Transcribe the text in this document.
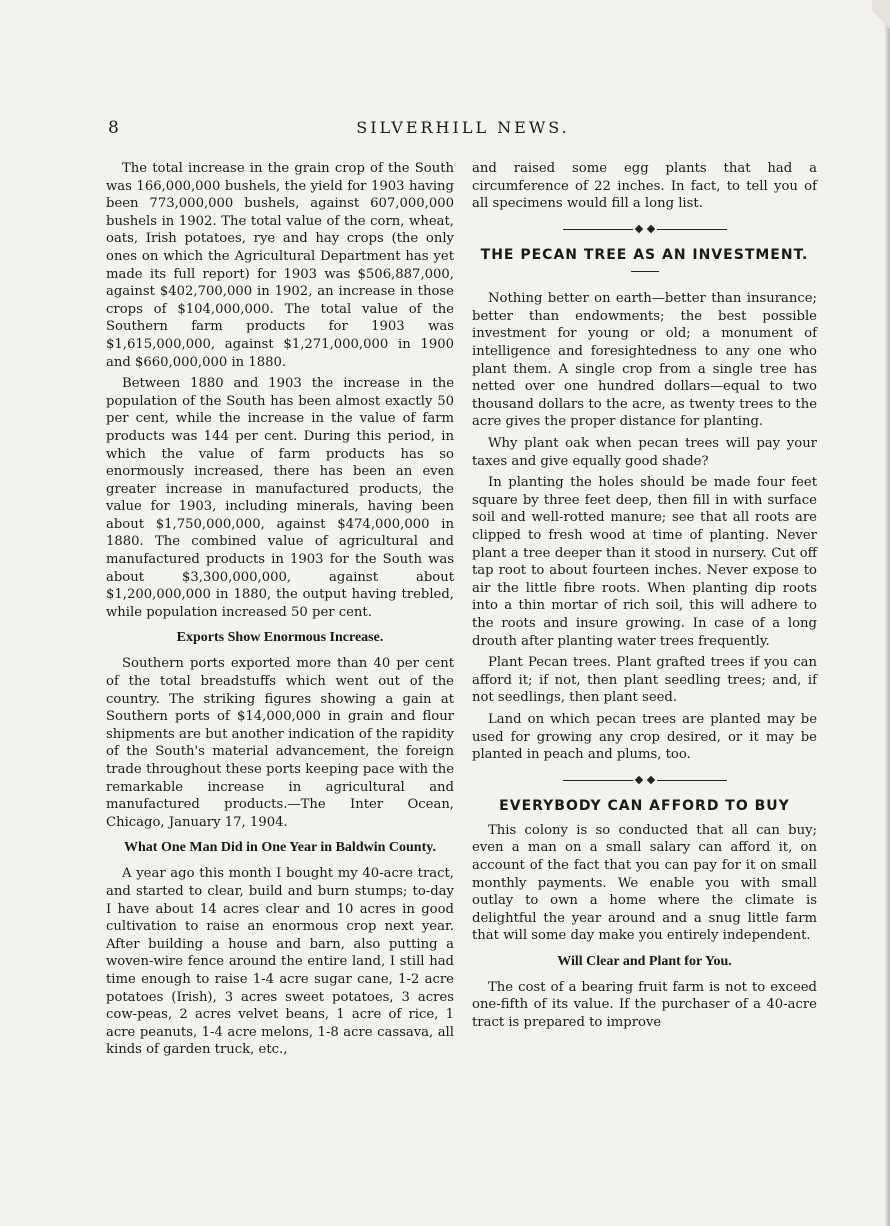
8	SILVERHILL NEWS.

The total increase in the grain crop of the South was 166,000,000 bushels, the yield for 1903 having been 773,000,000 bushels, against 607,000,000 bushels in 1902. The total value of the corn, wheat, oats, Irish potatoes, rye and hay crops (the only ones on which the Agricultural Department has yet made its full report) for 1903 was $506,887,000, against $402,700,000 in 1902, an increase in those crops of $104,000,000. The total value of the Southern farm products for 1903 was $1,615,000,000, against $1,271,000,000 in 1900 and $660,000,000 in 1880.

Between 1880 and 1903 the increase in the population of the South has been almost exactly 50 per cent, while the increase in the value of farm products was 144 per cent. During this period, in which the value of farm products has so enormously increased, there has been an even greater increase in manufactured products, the value for 1903, including minerals, having been about $1,750,000,000, against $474,000,000 in 1880. The combined value of agricultural and manufactured products in 1903 for the South was about $3,300,000,000, against about $1,200,000,000 in 1880, the output having trebled, while population increased 50 per cent.

Exports Show Enormous Increase.

Southern ports exported more than 40 per cent of the total breadstuffs which went out of the country. The striking figures showing a gain at Southern ports of $14,000,000 in grain and flour shipments are but another indication of the rapidity of the South's material advancement, the foreign trade throughout these ports keeping pace with the remarkable increase in agricultural and manufactured products.—The Inter Ocean, Chicago, January 17, 1904.

What One Man Did in One Year in Baldwin County.

A year ago this month I bought my 40-acre tract, and started to clear, build and burn stumps; to-day I have about 14 acres clear and 10 acres in good cultivation to raise an enormous crop next year. After building a house and barn, also putting a woven-wire fence around the entire land, I still had time enough to raise 1-4 acre sugar cane, 1-2 acre potatoes (Irish), 3 acres sweet potatoes, 3 acres cow-peas, 2 acres velvet beans, 1 acre of rice, 1 acre peanuts, 1-4 acre melons, 1-8 acre cassava, all kinds of garden truck, etc.,

and raised some egg plants that had a circumference of 22 inches. In fact, to tell you of all specimens would fill a long list.

THE PECAN TREE AS AN INVESTMENT.

Nothing better on earth—better than insurance; better than endowments; the best possible investment for young or old; a monument of intelligence and foresightedness to any one who plant them. A single crop from a single tree has netted over one hundred dollars—equal to two thousand dollars to the acre, as twenty trees to the acre gives the proper distance for planting.

Why plant oak when pecan trees will pay your taxes and give equally good shade?

In planting the holes should be made four feet square by three feet deep, then fill in with surface soil and well-rotted manure; see that all roots are clipped to fresh wood at time of planting. Never plant a tree deeper than it stood in nursery. Cut off tap root to about fourteen inches. Never expose to air the little fibre roots. When planting dip roots into a thin mortar of rich soil, this will adhere to the roots and insure growing. In case of a long drouth after planting water trees frequently.

Plant Pecan trees. Plant grafted trees if you can afford it; if not, then plant seedling trees; and, if not seedlings, then plant seed.

Land on which pecan trees are planted may be used for growing any crop desired, or it may be planted in peach and plums, too.

EVERYBODY CAN AFFORD TO BUY

This colony is so conducted that all can buy; even a man on a small salary can afford it, on account of the fact that you can pay for it on small monthly payments. We enable you with small outlay to own a home where the climate is delightful the year around and a snug little farm that will some day make you entirely independent.

Will Clear and Plant for You.

The cost of a bearing fruit farm is not to exceed one-fifth of its value. If the purchaser of a 40-acre tract is prepared to improve
